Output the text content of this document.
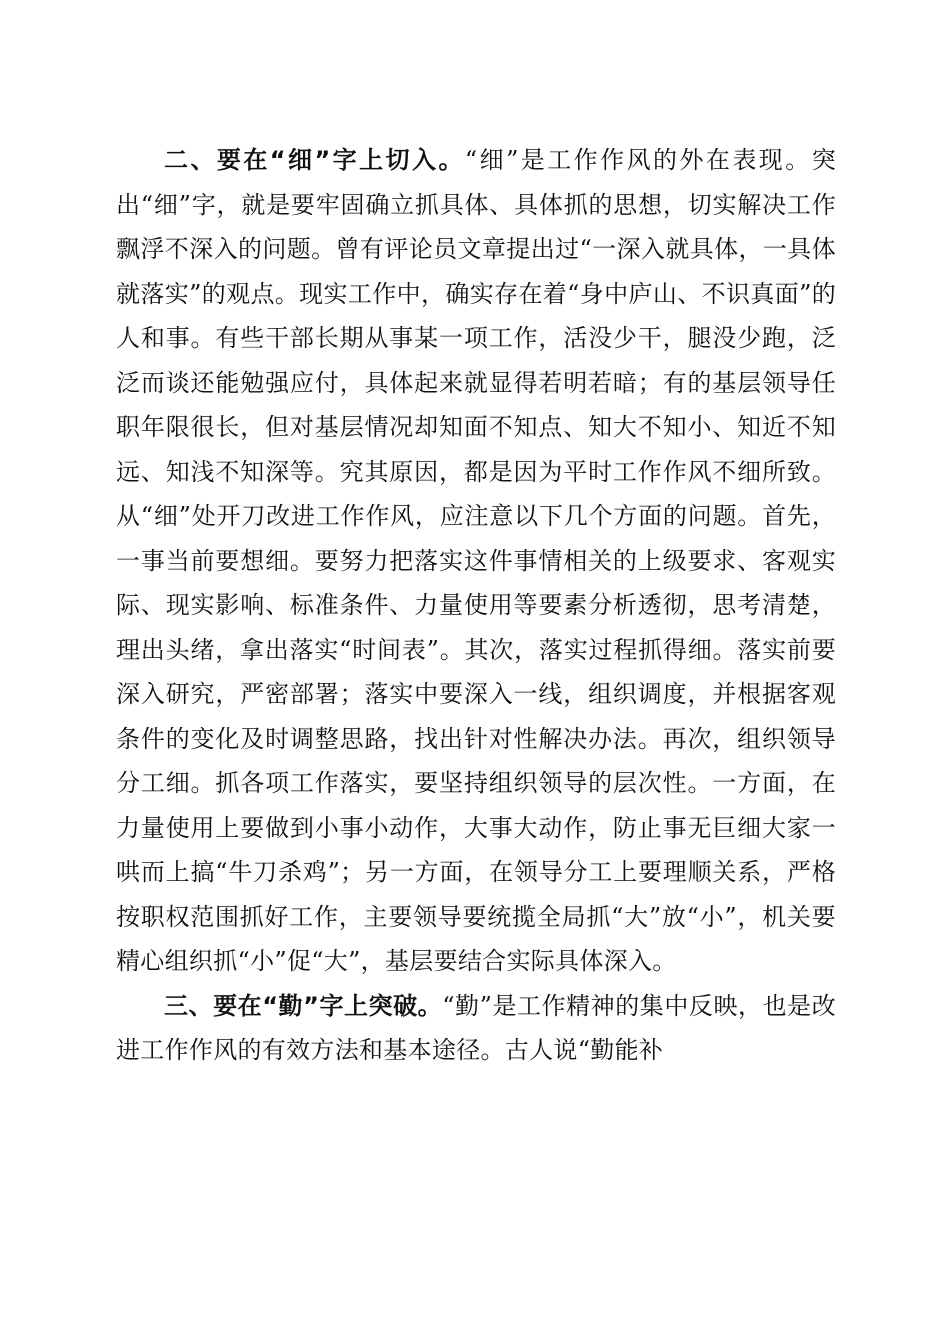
二、要在“细”字上切入。“细”是工作作风的外在表现。突出“细”字，就是要牢固确立抓具体、具体抓的思想，切实解决工作飘浮不深入的问题。曾有评论员文章提出过“一深入就具体，一具体就落实”的观点。现实工作中，确实存在着“身中庐山、不识真面”的人和事。有些干部长期从事某一项工作，活没少干，腿没少跑，泛泛而谈还能勉强应付，具体起来就显得若明若暗；有的基层领导任职年限很长，但对基层情况却知面不知点、知大不知小、知近不知远、知浅不知深等。究其原因，都是因为平时工作作风不细所致。从“细”处开刀改进工作作风，应注意以下几个方面的问题。首先，一事当前要想细。要努力把落实这件事情相关的上级要求、客观实际、现实影响、标准条件、力量使用等要素分析透彻，思考清楚，理出头绪，拿出落实“时间表”。其次，落实过程抓得细。落实前要深入研究，严密部署；落实中要深入一线，组织调度，并根据客观条件的变化及时调整思路，找出针对性解决办法。再次，组织领导分工细。抓各项工作落实，要坚持组织领导的层次性。一方面，在力量使用上要做到小事小动作，大事大动作，防止事无巨细大家一哄而上搞“牛刀杀鸡”；另一方面，在领导分工上要理顺关系，严格按职权范围抓好工作，主要领导要统揽全局抓“大”放“小”，机关要精心组织抓“小”促“大”，基层要结合实际具体深入。

三、要在“勤”字上突破。“勤”是工作精神的集中反映，也是改进工作作风的有效方法和基本途径。古人说“勤能补
